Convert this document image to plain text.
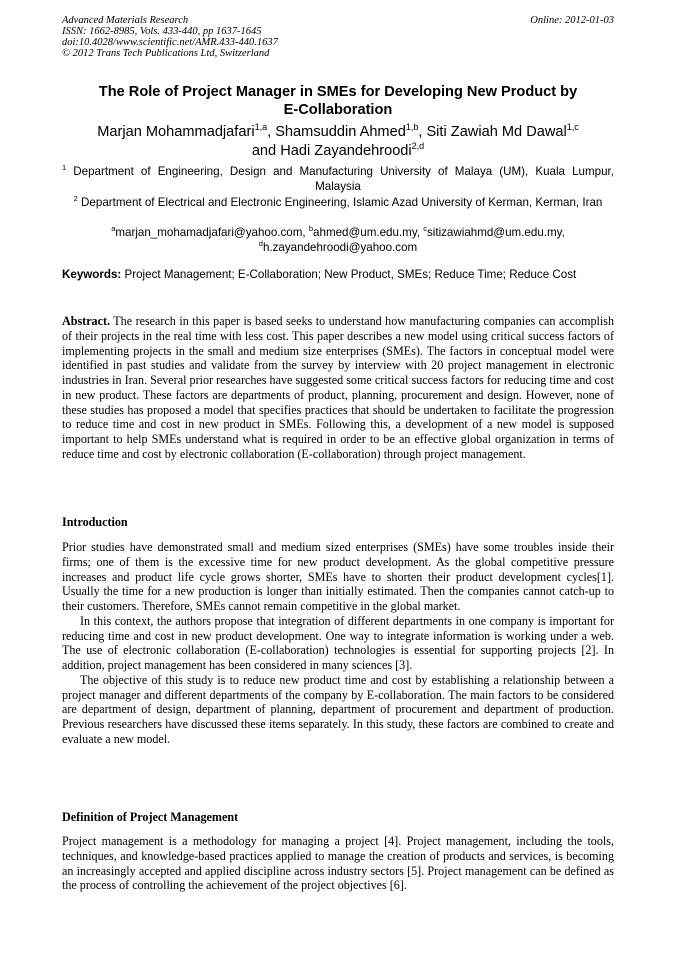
Advanced Materials Research
ISSN: 1662-8985, Vols. 433-440, pp 1637-1645
doi:10.4028/www.scientific.net/AMR.433-440.1637
© 2012 Trans Tech Publications Ltd, Switzerland
Online: 2012-01-03
The Role of Project Manager in SMEs for Developing New Product by
E-Collaboration
Marjan Mohammadjafari$^{1,a}$, Shamsuddin Ahmed$^{1,b}$, Siti Zawiah Md Dawal$^{1,c}$
and Hadi Zayandehroodi$^{2,d}$
$^1$ Department of Engineering, Design and Manufacturing University of Malaya (UM), Kuala Lumpur, Malaysia
$^2$ Department of Electrical and Electronic Engineering, Islamic Azad University of Kerman, Kerman, Iran
$^a$marjan_mohamadjafari@yahoo.com, $^b$ahmed@um.edu.my, $^c$sitizawiahmd@um.edu.my,
$^d$h.zayandehroodi@yahoo.com
Keywords: Project Management; E-Collaboration; New Product, SMEs; Reduce Time; Reduce Cost
Abstract. The research in this paper is based seeks to understand how manufacturing companies can accomplish of their projects in the real time with less cost. This paper describes a new model using critical success factors of implementing projects in the small and medium size enterprises (SMEs). The factors in conceptual model were identified in past studies and validate from the survey by interview with 20 project management in electronic industries in Iran. Several prior researches have suggested some critical success factors for reducing time and cost in new product. These factors are departments of product, planning, procurement and design. However, none of these studies has proposed a model that specifies practices that should be undertaken to facilitate the progression to reduce time and cost in new product in SMEs. Following this, a development of a new model is supposed important to help SMEs understand what is required in order to be an effective global organization in terms of reduce time and cost by electronic collaboration (E-collaboration) through project management.
Introduction

Prior studies have demonstrated small and medium sized enterprises (SMEs) have some troubles inside their firms; one of them is the excessive time for new product development. As the global competitive pressure increases and product life cycle grows shorter, SMEs have to shorten their product development cycles[1]. Usually the time for a new production is longer than initially estimated. Then the companies cannot catch-up to their customers. Therefore, SMEs cannot remain competitive in the global market.

In this context, the authors propose that integration of different departments in one company is important for reducing time and cost in new product development. One way to integrate information is working under a web. The use of electronic collaboration (E-collaboration) technologies is essential for supporting projects [2]. In addition, project management has been considered in many sciences [3].

The objective of this study is to reduce new product time and cost by establishing a relationship between a project manager and different departments of the company by E-collaboration. The main factors to be considered are department of design, department of planning, department of procurement and department of production. Previous researchers have discussed these items separately. In this study, these factors are combined to create and evaluate a new model.

Definition of Project Management

Project management is a methodology for managing a project [4]. Project management, including the tools, techniques, and knowledge-based practices applied to manage the creation of products and services, is becoming an increasingly accepted and applied discipline across industry sectors [5]. Project management can be defined as the process of controlling the achievement of the project objectives [6].
